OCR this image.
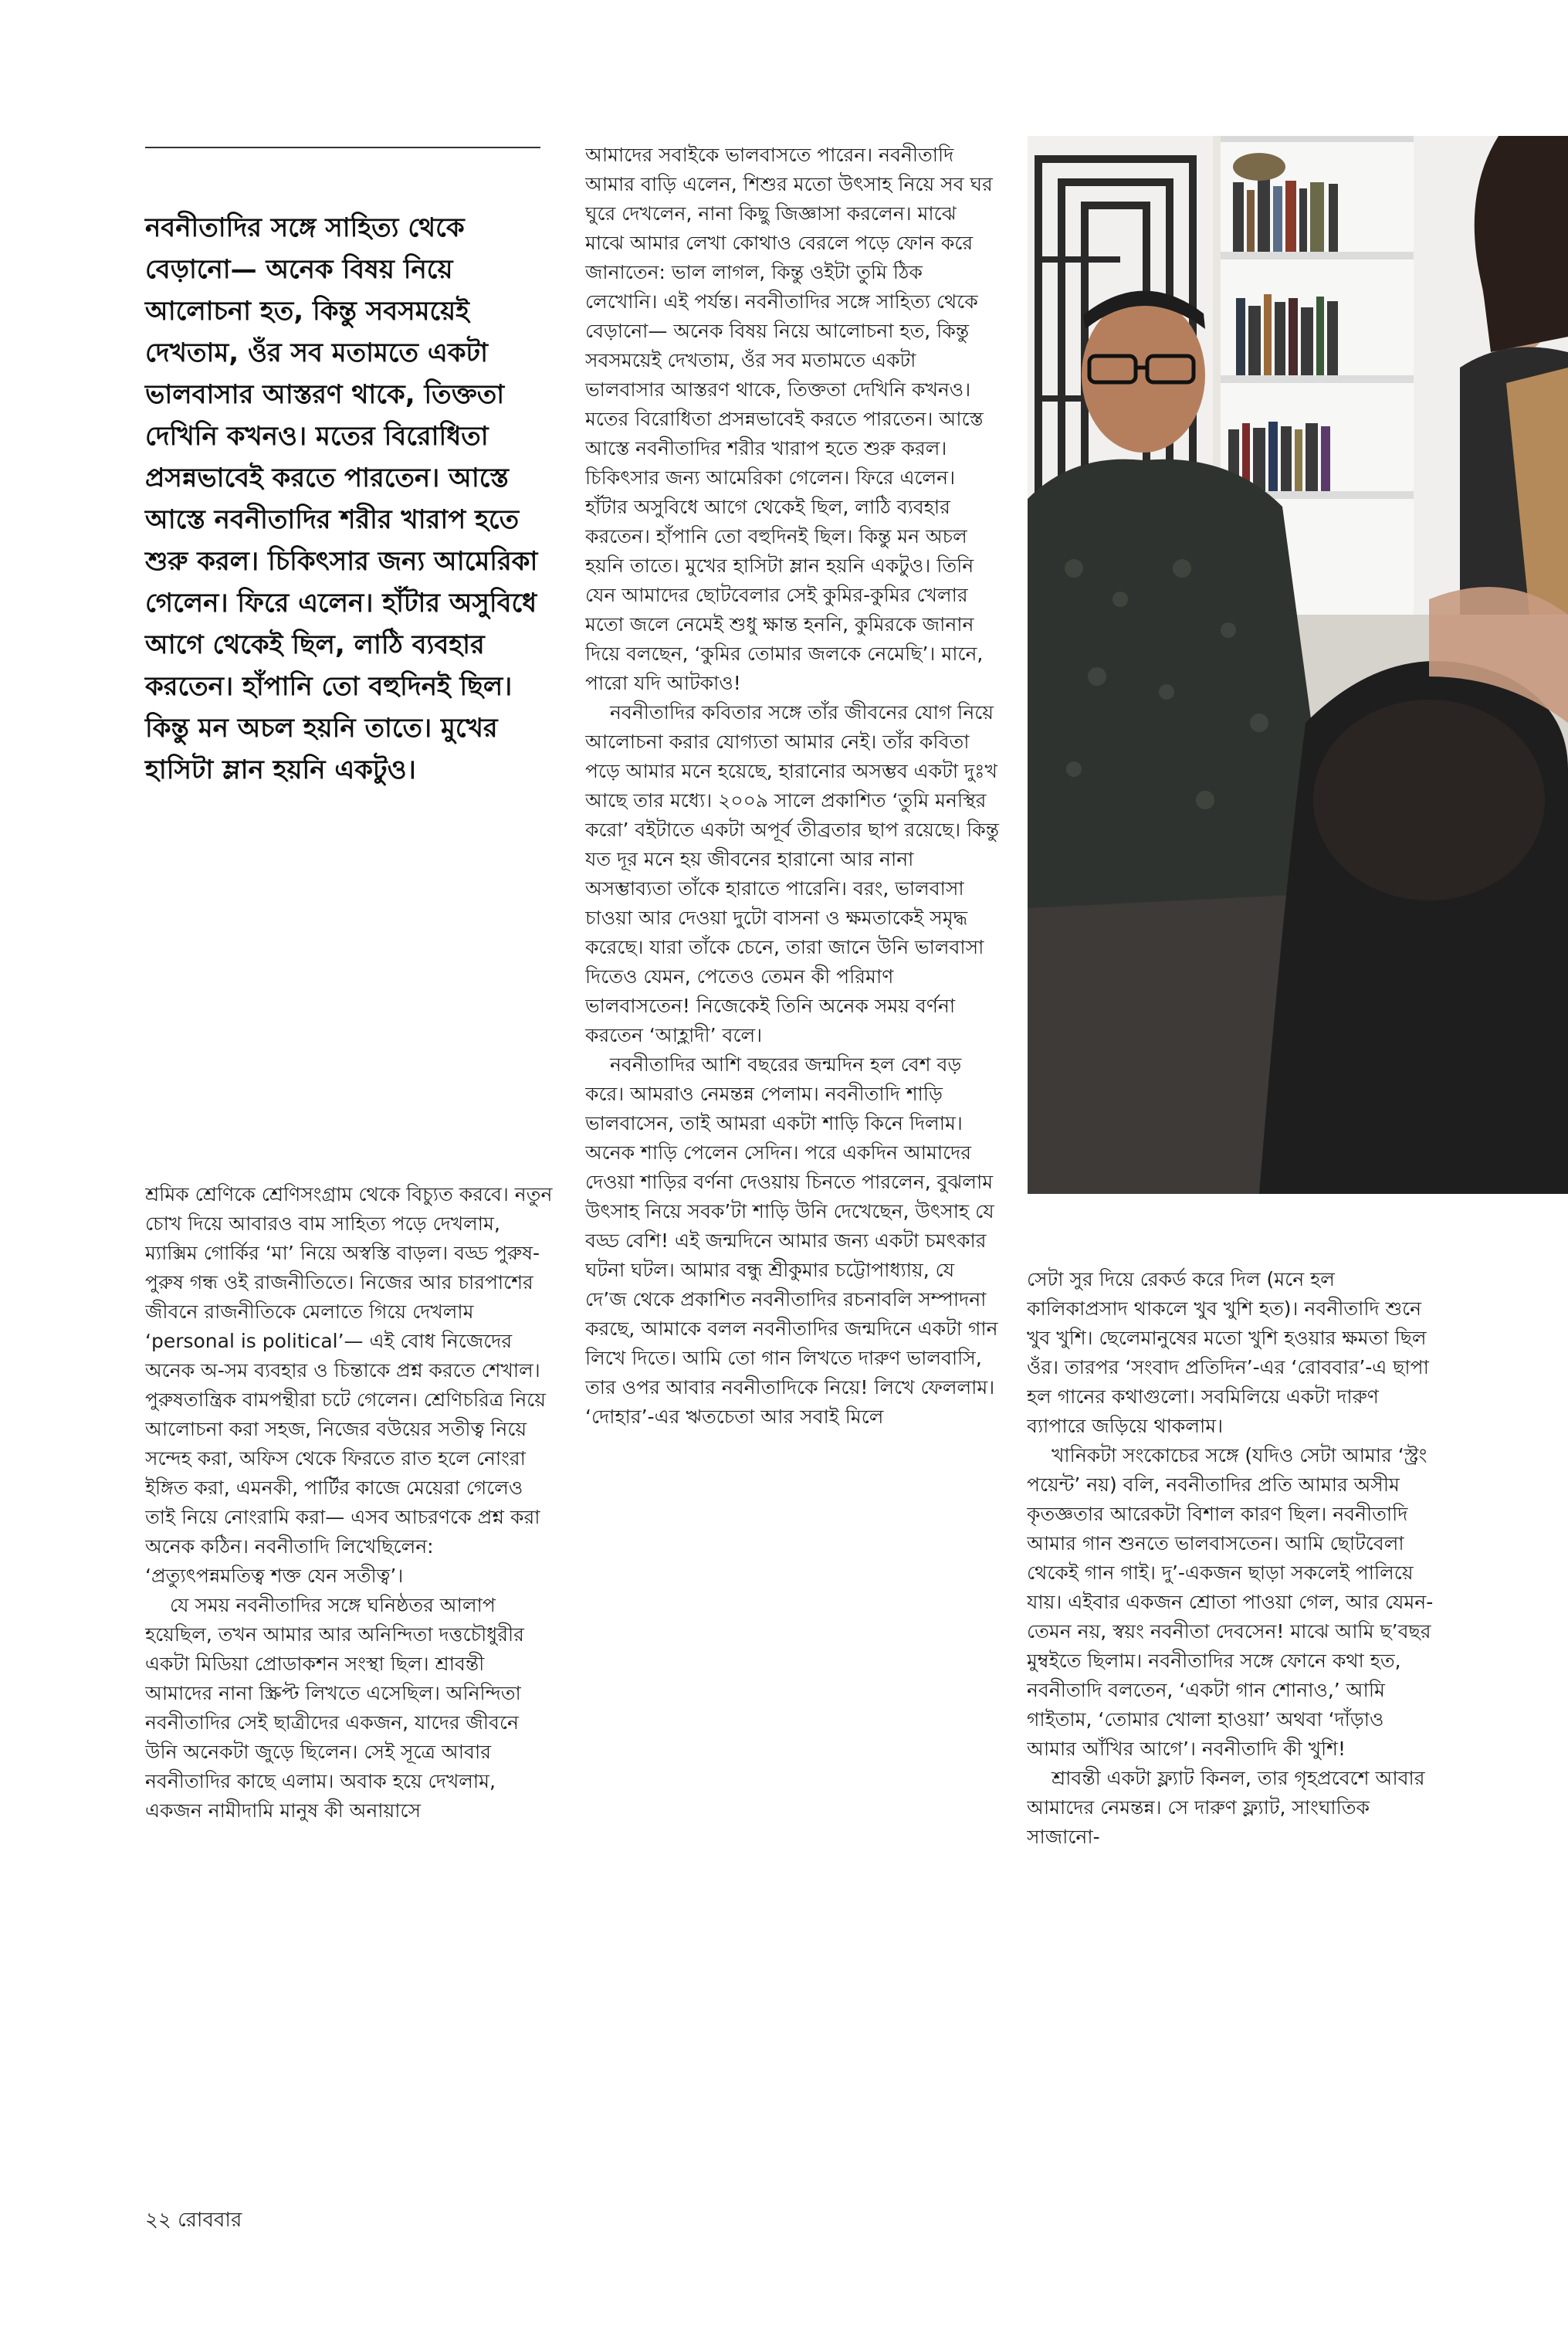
নবনীতাদির সঙ্গে সাহিত্য থেকে বেড়ানো— অনেক বিষয় নিয়ে আলোচনা হত, কিন্তু সবসময়েই দেখতাম, ওঁর সব মতামতে একটা ভালবাসার আস্তরণ থাকে, তিক্ততা দেখিনি কখনও। মতের বিরোধিতা প্রসন্নভাবেই করতে পারতেন। আস্তে আস্তে নবনীতাদির শরীর খারাপ হতে শুরু করল। চিকিৎসার জন্য আমেরিকা গেলেন। ফিরে এলেন। হাঁটার অসুবিধে আগে থেকেই ছিল, লাঠি ব্যবহার করতেন। হাঁপানি তো বহুদিনই ছিল। কিন্তু মন অচল হয়নি তাতে। মুখের হাসিটা ম্লান হয়নি একটুও।

শ্রমিক শ্রেণিকে শ্রেণিসংগ্রাম থেকে বিচ্যুত করবে। নতুন চোখ দিয়ে আবারও বাম সাহিত্য পড়ে দেখলাম, ম্যাক্সিম গোর্কির ‘মা’ নিয়ে অস্বস্তি বাড়ল। বড্ড পুরুষ-পুরুষ গন্ধ ওই রাজনীতিতে। নিজের আর চারপাশের জীবনে রাজনীতিকে মেলাতে গিয়ে দেখলাম ‘personal is political’— এই বোধ নিজেদের অনেক অ-সম ব্যবহার ও চিন্তাকে প্রশ্ন করতে শেখাল। পুরুষতান্ত্রিক বামপন্থীরা চটে গেলেন। শ্রেণিচরিত্র নিয়ে আলোচনা করা সহজ, নিজের বউয়ের সতীত্ব নিয়ে সন্দেহ করা, অফিস থেকে ফিরতে রাত হলে নোংরা ইঙ্গিত করা, এমনকী, পার্টির কাজে মেয়েরা গেলেও তাই নিয়ে নোংরামি করা— এসব আচরণকে প্রশ্ন করা অনেক কঠিন। নবনীতাদি লিখেছিলেন: ‘প্রত্যুৎপন্নমতিত্ব শক্ত যেন সতীত্ব’।

যে সময় নবনীতাদির সঙ্গে ঘনিষ্ঠতর আলাপ হয়েছিল, তখন আমার আর অনিন্দিতা দত্তচৌধুরীর একটা মিডিয়া প্রোডাকশন সংস্থা ছিল। শ্রাবন্তী আমাদের নানা স্ক্রিপ্ট লিখতে এসেছিল। অনিন্দিতা নবনীতাদির সেই ছাত্রীদের একজন, যাদের জীবনে উনি অনেকটা জুড়ে ছিলেন। সেই সূত্রে আবার নবনীতাদির কাছে এলাম। অবাক হয়ে দেখলাম, একজন নামীদামি মানুষ কী অনায়াসে

আমাদের সবাইকে ভালবাসতে পারেন। নবনীতাদি আমার বাড়ি এলেন, শিশুর মতো উৎসাহ নিয়ে সব ঘর ঘুরে দেখলেন, নানা কিছু জিজ্ঞাসা করলেন। মাঝে মাঝে আমার লেখা কোথাও বেরলে পড়ে ফোন করে জানাতেন: ভাল লাগল, কিন্তু ওইটা তুমি ঠিক লেখোনি। এই পর্যন্ত। নবনীতাদির সঙ্গে সাহিত্য থেকে বেড়ানো— অনেক বিষয় নিয়ে আলোচনা হত, কিন্তু সবসময়েই দেখতাম, ওঁর সব মতামতে একটা ভালবাসার আস্তরণ থাকে, তিক্ততা দেখিনি কখনও। মতের বিরোধিতা প্রসন্নভাবেই করতে পারতেন। আস্তে আস্তে নবনীতাদির শরীর খারাপ হতে শুরু করল। চিকিৎসার জন্য আমেরিকা গেলেন। ফিরে এলেন। হাঁটার অসুবিধে আগে থেকেই ছিল, লাঠি ব্যবহার করতেন। হাঁপানি তো বহুদিনই ছিল। কিন্তু মন অচল হয়নি তাতে। মুখের হাসিটা ম্লান হয়নি একটুও। তিনি যেন আমাদের ছোটবেলার সেই কুমির-কুমির খেলার মতো জলে নেমেই শুধু ক্ষান্ত হননি, কুমিরকে জানান দিয়ে বলছেন, ‘কুমির তোমার জলকে নেমেছি’। মানে, পারো যদি আটকাও!

নবনীতাদির কবিতার সঙ্গে তাঁর জীবনের যোগ নিয়ে আলোচনা করার যোগ্যতা আমার নেই। তাঁর কবিতা পড়ে আমার মনে হয়েছে, হারানোর অসম্ভব একটা দুঃখ আছে তার মধ্যে। ২০০৯ সালে প্রকাশিত ‘তুমি মনস্থির করো’ বইটাতে একটা অপূর্ব তীব্রতার ছাপ রয়েছে। কিন্তু যত দূর মনে হয় জীবনের হারানো আর নানা অসম্ভাব্যতা তাঁকে হারাতে পারেনি। বরং, ভালবাসা চাওয়া আর দেওয়া দুটো বাসনা ও ক্ষমতাকেই সমৃদ্ধ করেছে। যারা তাঁকে চেনে, তারা জানে উনি ভালবাসা দিতেও যেমন, পেতেও তেমন কী পরিমাণ ভালবাসতেন! নিজেকেই তিনি অনেক সময় বর্ণনা করতেন ‘আহ্লাদী’ বলে।

নবনীতাদির আশি বছরের জন্মদিন হল বেশ বড় করে। আমরাও নেমন্তন্ন পেলাম। নবনীতাদি শাড়ি ভালবাসেন, তাই আমরা একটা শাড়ি কিনে দিলাম। অনেক শাড়ি পেলেন সেদিন। পরে একদিন আমাদের দেওয়া শাড়ির বর্ণনা দেওয়ায় চিনতে পারলেন, বুঝলাম উৎসাহ নিয়ে সবক’টা শাড়ি উনি দেখেছেন, উৎসাহ যে বড্ড বেশি! এই জন্মদিনে আমার জন্য একটা চমৎকার ঘটনা ঘটল। আমার বন্ধু শ্রীকুমার চট্টোপাধ্যায়, যে দে’জ থেকে প্রকাশিত নবনীতাদির রচনাবলি সম্পাদনা করছে, আমাকে বলল নবনীতাদির জন্মদিনে একটা গান লিখে দিতে। আমি তো গান লিখতে দারুণ ভালবাসি, তার ওপর আবার নবনীতাদিকে নিয়ে! লিখে ফেললাম। ‘দোহার’-এর ঋতচেতা আর সবাই মিলে

সেটা সুর দিয়ে রেকর্ড করে দিল (মনে হল কালিকাপ্রসাদ থাকলে খুব খুশি হত)। নবনীতাদি শুনে খুব খুশি। ছেলেমানুষের মতো খুশি হওয়ার ক্ষমতা ছিল ওঁর। তারপর ‘সংবাদ প্রতিদিন’-এর ‘রোববার’-এ ছাপা হল গানের কথাগুলো। সবমিলিয়ে একটা দারুণ ব্যাপারে জড়িয়ে থাকলাম।

খানিকটা সংকোচের সঙ্গে (যদিও সেটা আমার ‘স্ট্রং পয়েন্ট’ নয়) বলি, নবনীতাদির প্রতি আমার অসীম কৃতজ্ঞতার আরেকটা বিশাল কারণ ছিল। নবনীতাদি আমার গান শুনতে ভালবাসতেন। আমি ছোটবেলা থেকেই গান গাই। দু’-একজন ছাড়া সকলেই পালিয়ে যায়। এইবার একজন শ্রোতা পাওয়া গেল, আর যেমন-তেমন নয়, স্বয়ং নবনীতা দেবসেন! মাঝে আমি ছ’বছর মুম্বইতে ছিলাম। নবনীতাদির সঙ্গে ফোনে কথা হত, নবনীতাদি বলতেন, ‘একটা গান শোনাও,’ আমি গাইতাম, ‘তোমার খোলা হাওয়া’ অথবা ‘দাঁড়াও আমার আঁখির আগে’। নবনীতাদি কী খুশি!

শ্রাবন্তী একটা ফ্ল্যাট কিনল, তার গৃহপ্রবেশে আবার আমাদের নেমন্তন্ন। সে দারুণ ফ্ল্যাট, সাংঘাতিক সাজানো-

২২ রোববার
